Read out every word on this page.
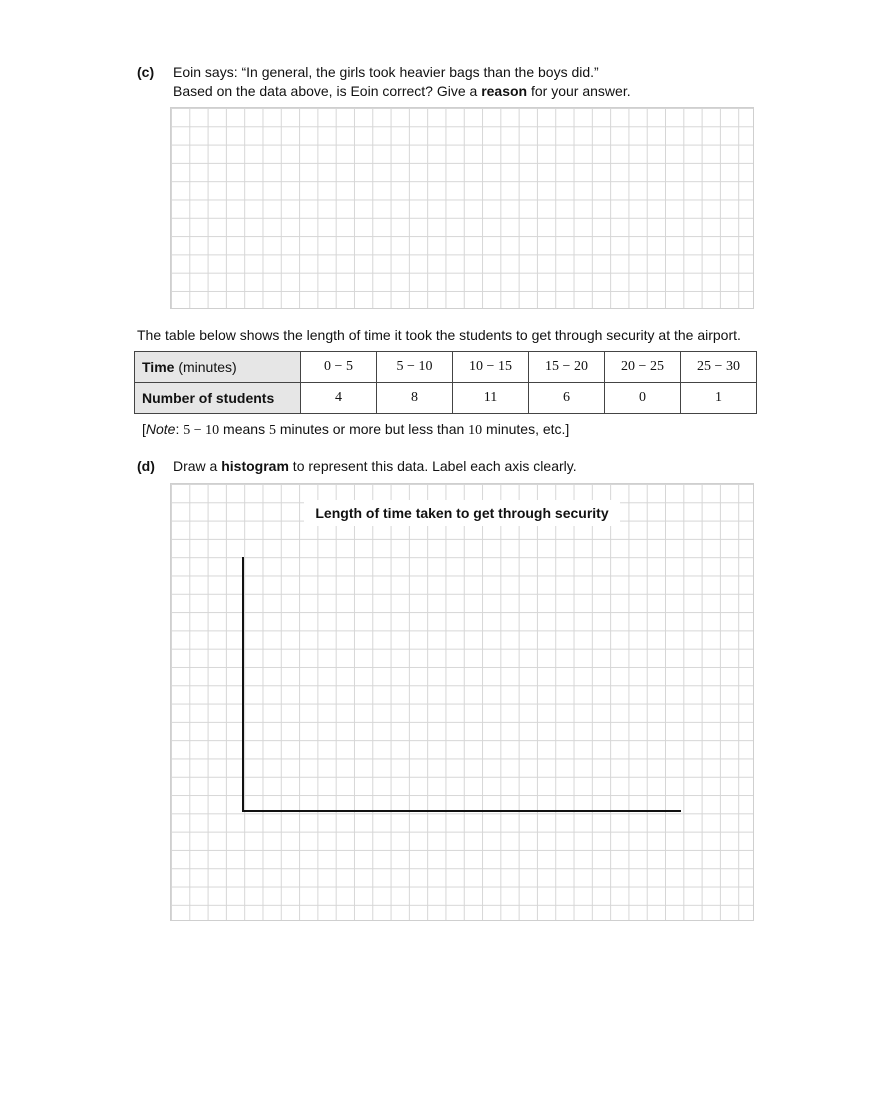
(c) Eoin says: “In general, the girls took heavier bags than the boys did.”
Based on the data above, is Eoin correct? Give a reason for your answer.
The table below shows the length of time it took the students to get through security at the airport.
Time (minutes)	0 − 5	5 − 10	10 − 15	15 − 20	20 − 25	25 − 30
Number of students	4	8	11	6	0	1
[Note: 5 − 10 means 5 minutes or more but less than 10 minutes, etc.]
(d) Draw a histogram to represent this data. Label each axis clearly.
Length of time taken to get through security
